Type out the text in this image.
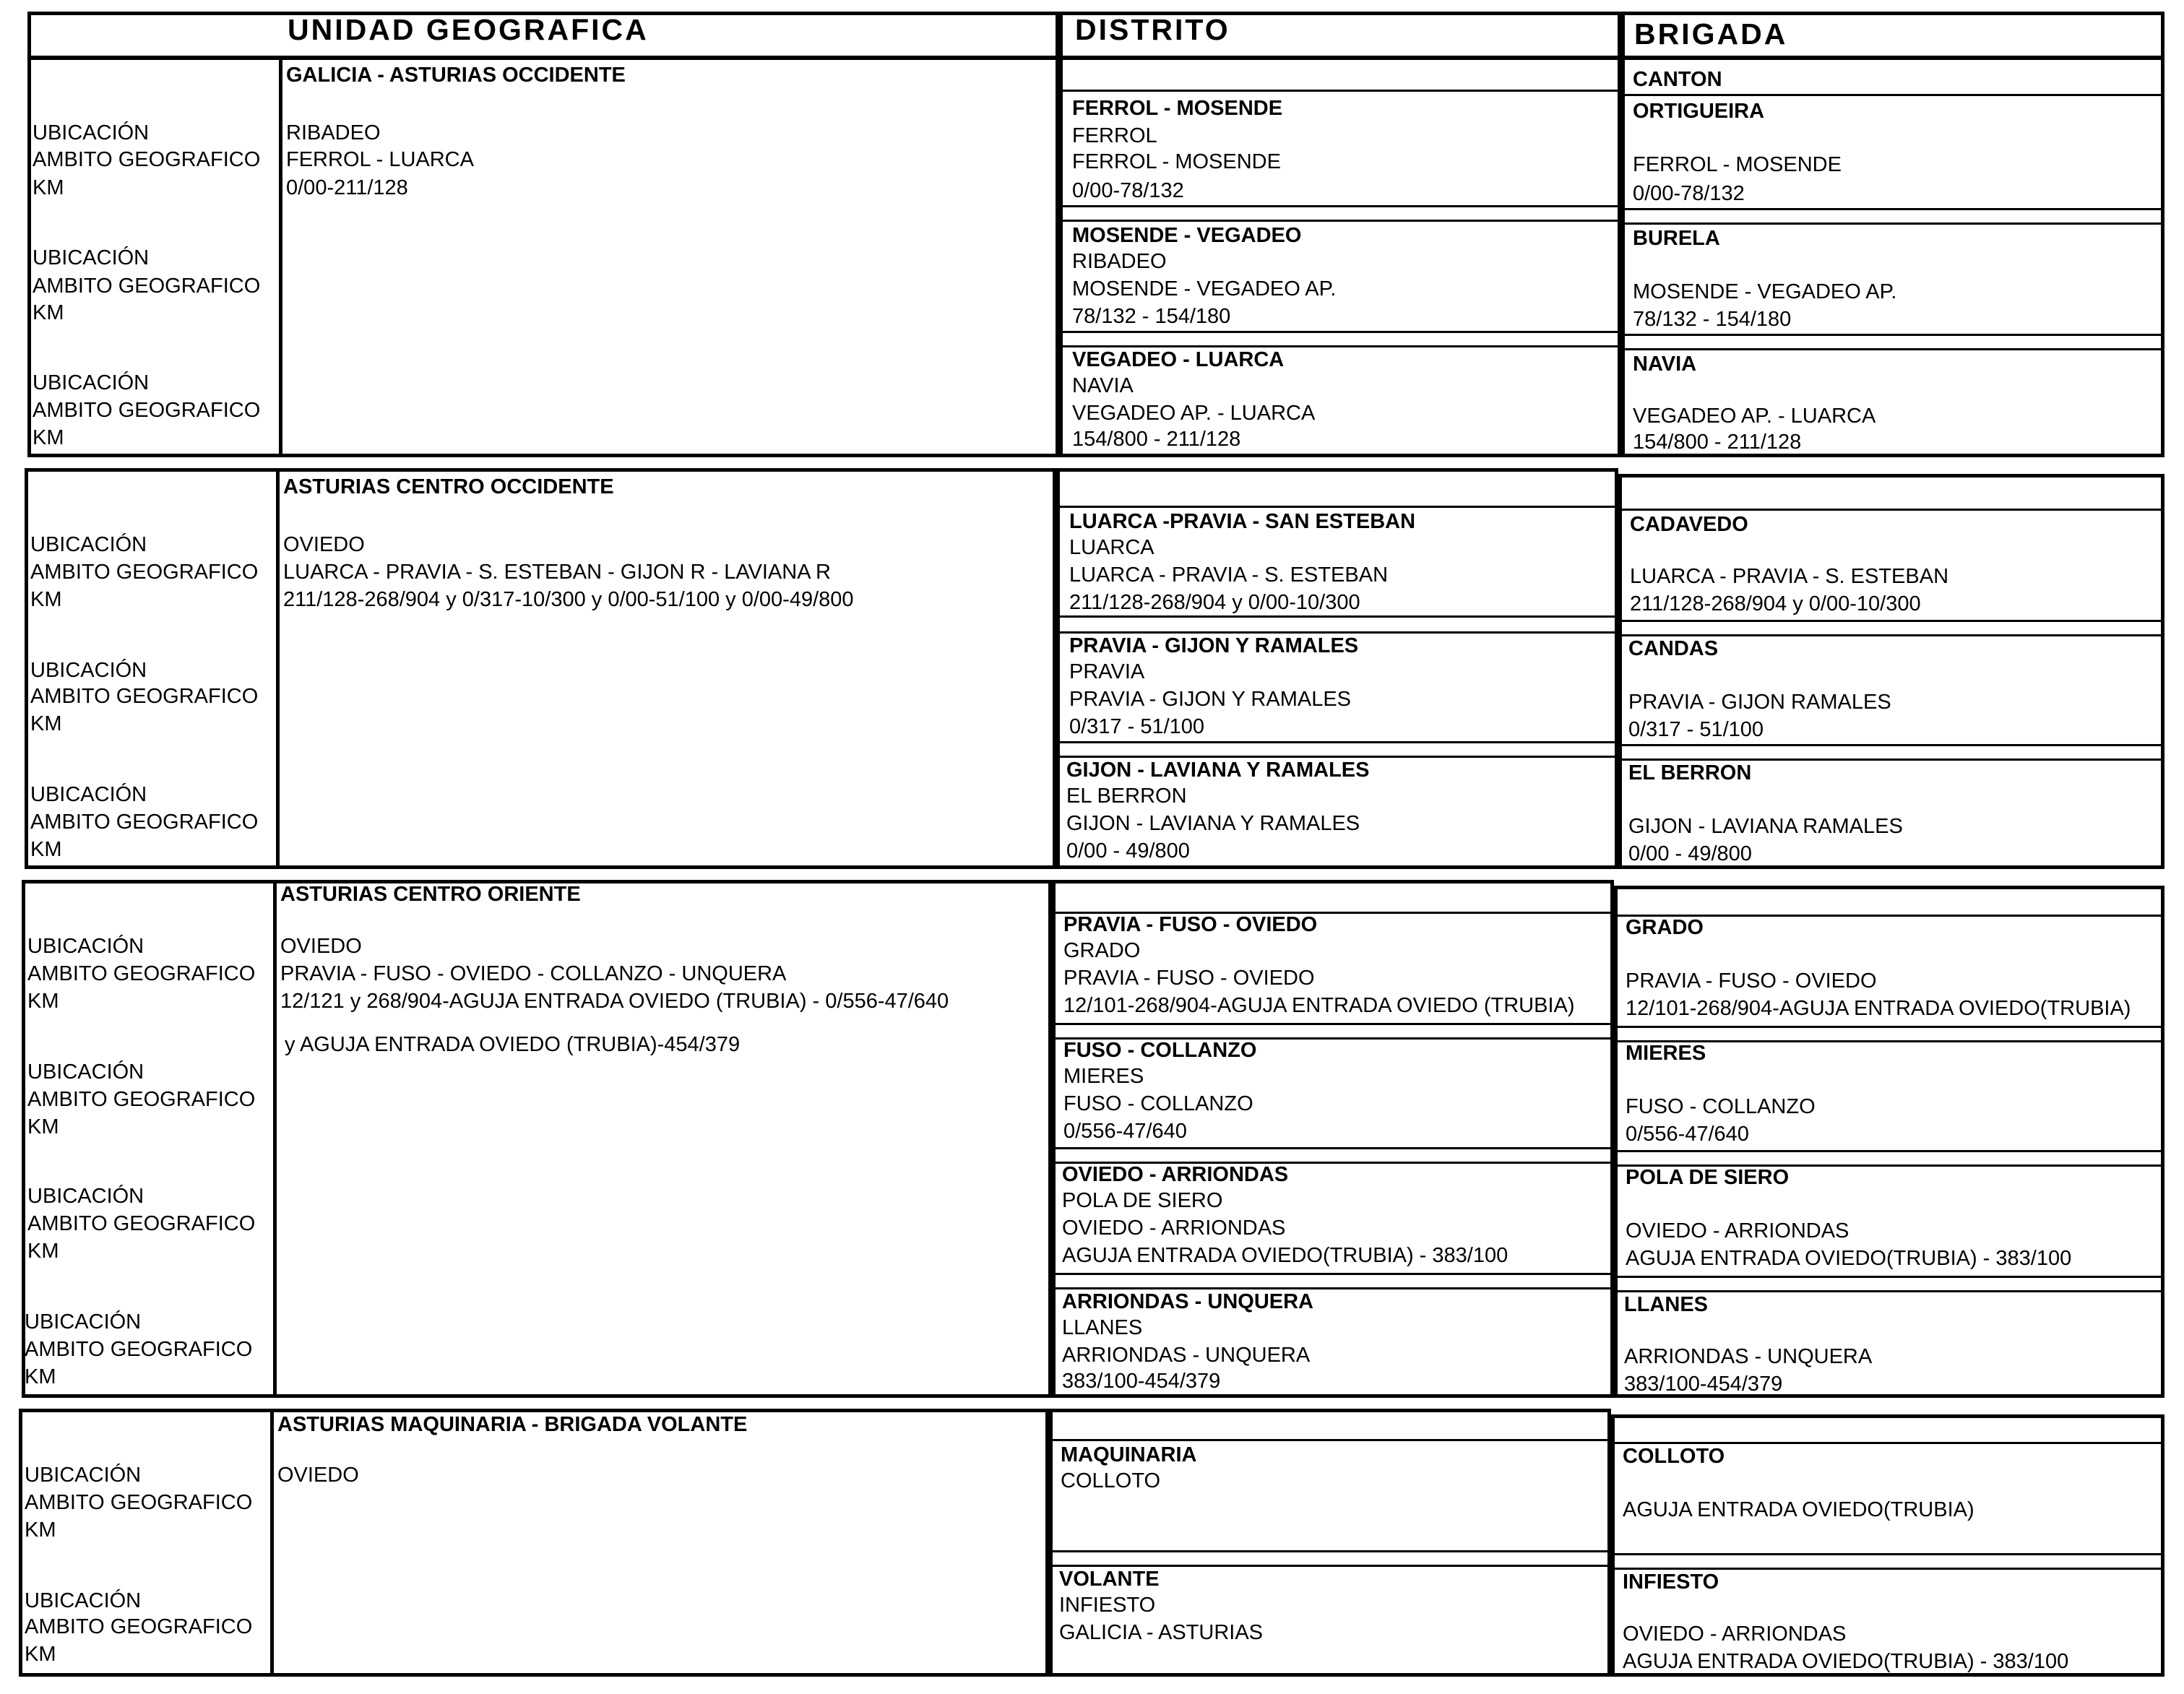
UNIDAD GEOGRAFICA	DISTRITO	BRIGADA
UBICACIÓN
AMBITO GEOGRAFICO
KM
UBICACIÓN
AMBITO GEOGRAFICO
KM
UBICACIÓN
AMBITO GEOGRAFICO
KM
GALICIA - ASTURIAS OCCIDENTE
RIBADEO
FERROL - LUARCA
0/00-211/128
FERROL - MOSENDE
FERROL
FERROL - MOSENDE
0/00-78/132
MOSENDE - VEGADEO
RIBADEO
MOSENDE - VEGADEO AP.
78/132 - 154/180
VEGADEO - LUARCA
NAVIA
VEGADEO AP. - LUARCA
154/800 - 211/128
CANTON
ORTIGUEIRA
FERROL - MOSENDE
0/00-78/132
BURELA
MOSENDE - VEGADEO AP.
78/132 - 154/180
NAVIA
VEGADEO AP. - LUARCA
154/800 - 211/128
UBICACIÓN
AMBITO GEOGRAFICO
KM
UBICACIÓN
AMBITO GEOGRAFICO
KM
UBICACIÓN
AMBITO GEOGRAFICO
KM
ASTURIAS CENTRO OCCIDENTE
OVIEDO
LUARCA - PRAVIA - S. ESTEBAN - GIJON R - LAVIANA R
211/128-268/904 y 0/317-10/300 y 0/00-51/100 y 0/00-49/800
LUARCA -PRAVIA - SAN ESTEBAN
LUARCA
LUARCA - PRAVIA - S. ESTEBAN
211/128-268/904 y 0/00-10/300
PRAVIA - GIJON Y RAMALES
PRAVIA
PRAVIA - GIJON Y RAMALES
0/317 - 51/100
GIJON - LAVIANA Y RAMALES
EL BERRON
GIJON - LAVIANA Y RAMALES
0/00 - 49/800
CADAVEDO
LUARCA - PRAVIA - S. ESTEBAN
211/128-268/904 y 0/00-10/300
CANDAS
PRAVIA - GIJON RAMALES
0/317 - 51/100
EL BERRON
GIJON - LAVIANA RAMALES
0/00 - 49/800
UBICACIÓN
AMBITO GEOGRAFICO
KM
UBICACIÓN
AMBITO GEOGRAFICO
KM
UBICACIÓN
AMBITO GEOGRAFICO
KM
UBICACIÓN
AMBITO GEOGRAFICO
KM
ASTURIAS CENTRO ORIENTE
OVIEDO
PRAVIA - FUSO - OVIEDO - COLLANZO - UNQUERA
12/121 y 268/904-AGUJA ENTRADA OVIEDO (TRUBIA) - 0/556-47/640
y AGUJA ENTRADA OVIEDO (TRUBIA)-454/379
PRAVIA - FUSO - OVIEDO
GRADO
PRAVIA - FUSO - OVIEDO
12/101-268/904-AGUJA ENTRADA OVIEDO (TRUBIA)
FUSO - COLLANZO
MIERES
FUSO - COLLANZO
0/556-47/640
OVIEDO - ARRIONDAS
POLA DE SIERO
OVIEDO - ARRIONDAS
AGUJA ENTRADA OVIEDO(TRUBIA) - 383/100
ARRIONDAS - UNQUERA
LLANES
ARRIONDAS - UNQUERA
383/100-454/379
GRADO
PRAVIA - FUSO - OVIEDO
12/101-268/904-AGUJA ENTRADA OVIEDO(TRUBIA)
MIERES
FUSO - COLLANZO
0/556-47/640
POLA DE SIERO
OVIEDO - ARRIONDAS
AGUJA ENTRADA OVIEDO(TRUBIA) - 383/100
LLANES
ARRIONDAS - UNQUERA
383/100-454/379
UBICACIÓN
AMBITO GEOGRAFICO
KM
UBICACIÓN
AMBITO GEOGRAFICO
KM
ASTURIAS MAQUINARIA - BRIGADA VOLANTE
OVIEDO
MAQUINARIA
COLLOTO
VOLANTE
INFIESTO
GALICIA - ASTURIAS
COLLOTO
AGUJA ENTRADA OVIEDO(TRUBIA)
INFIESTO
OVIEDO - ARRIONDAS
AGUJA ENTRADA OVIEDO(TRUBIA) - 383/100
